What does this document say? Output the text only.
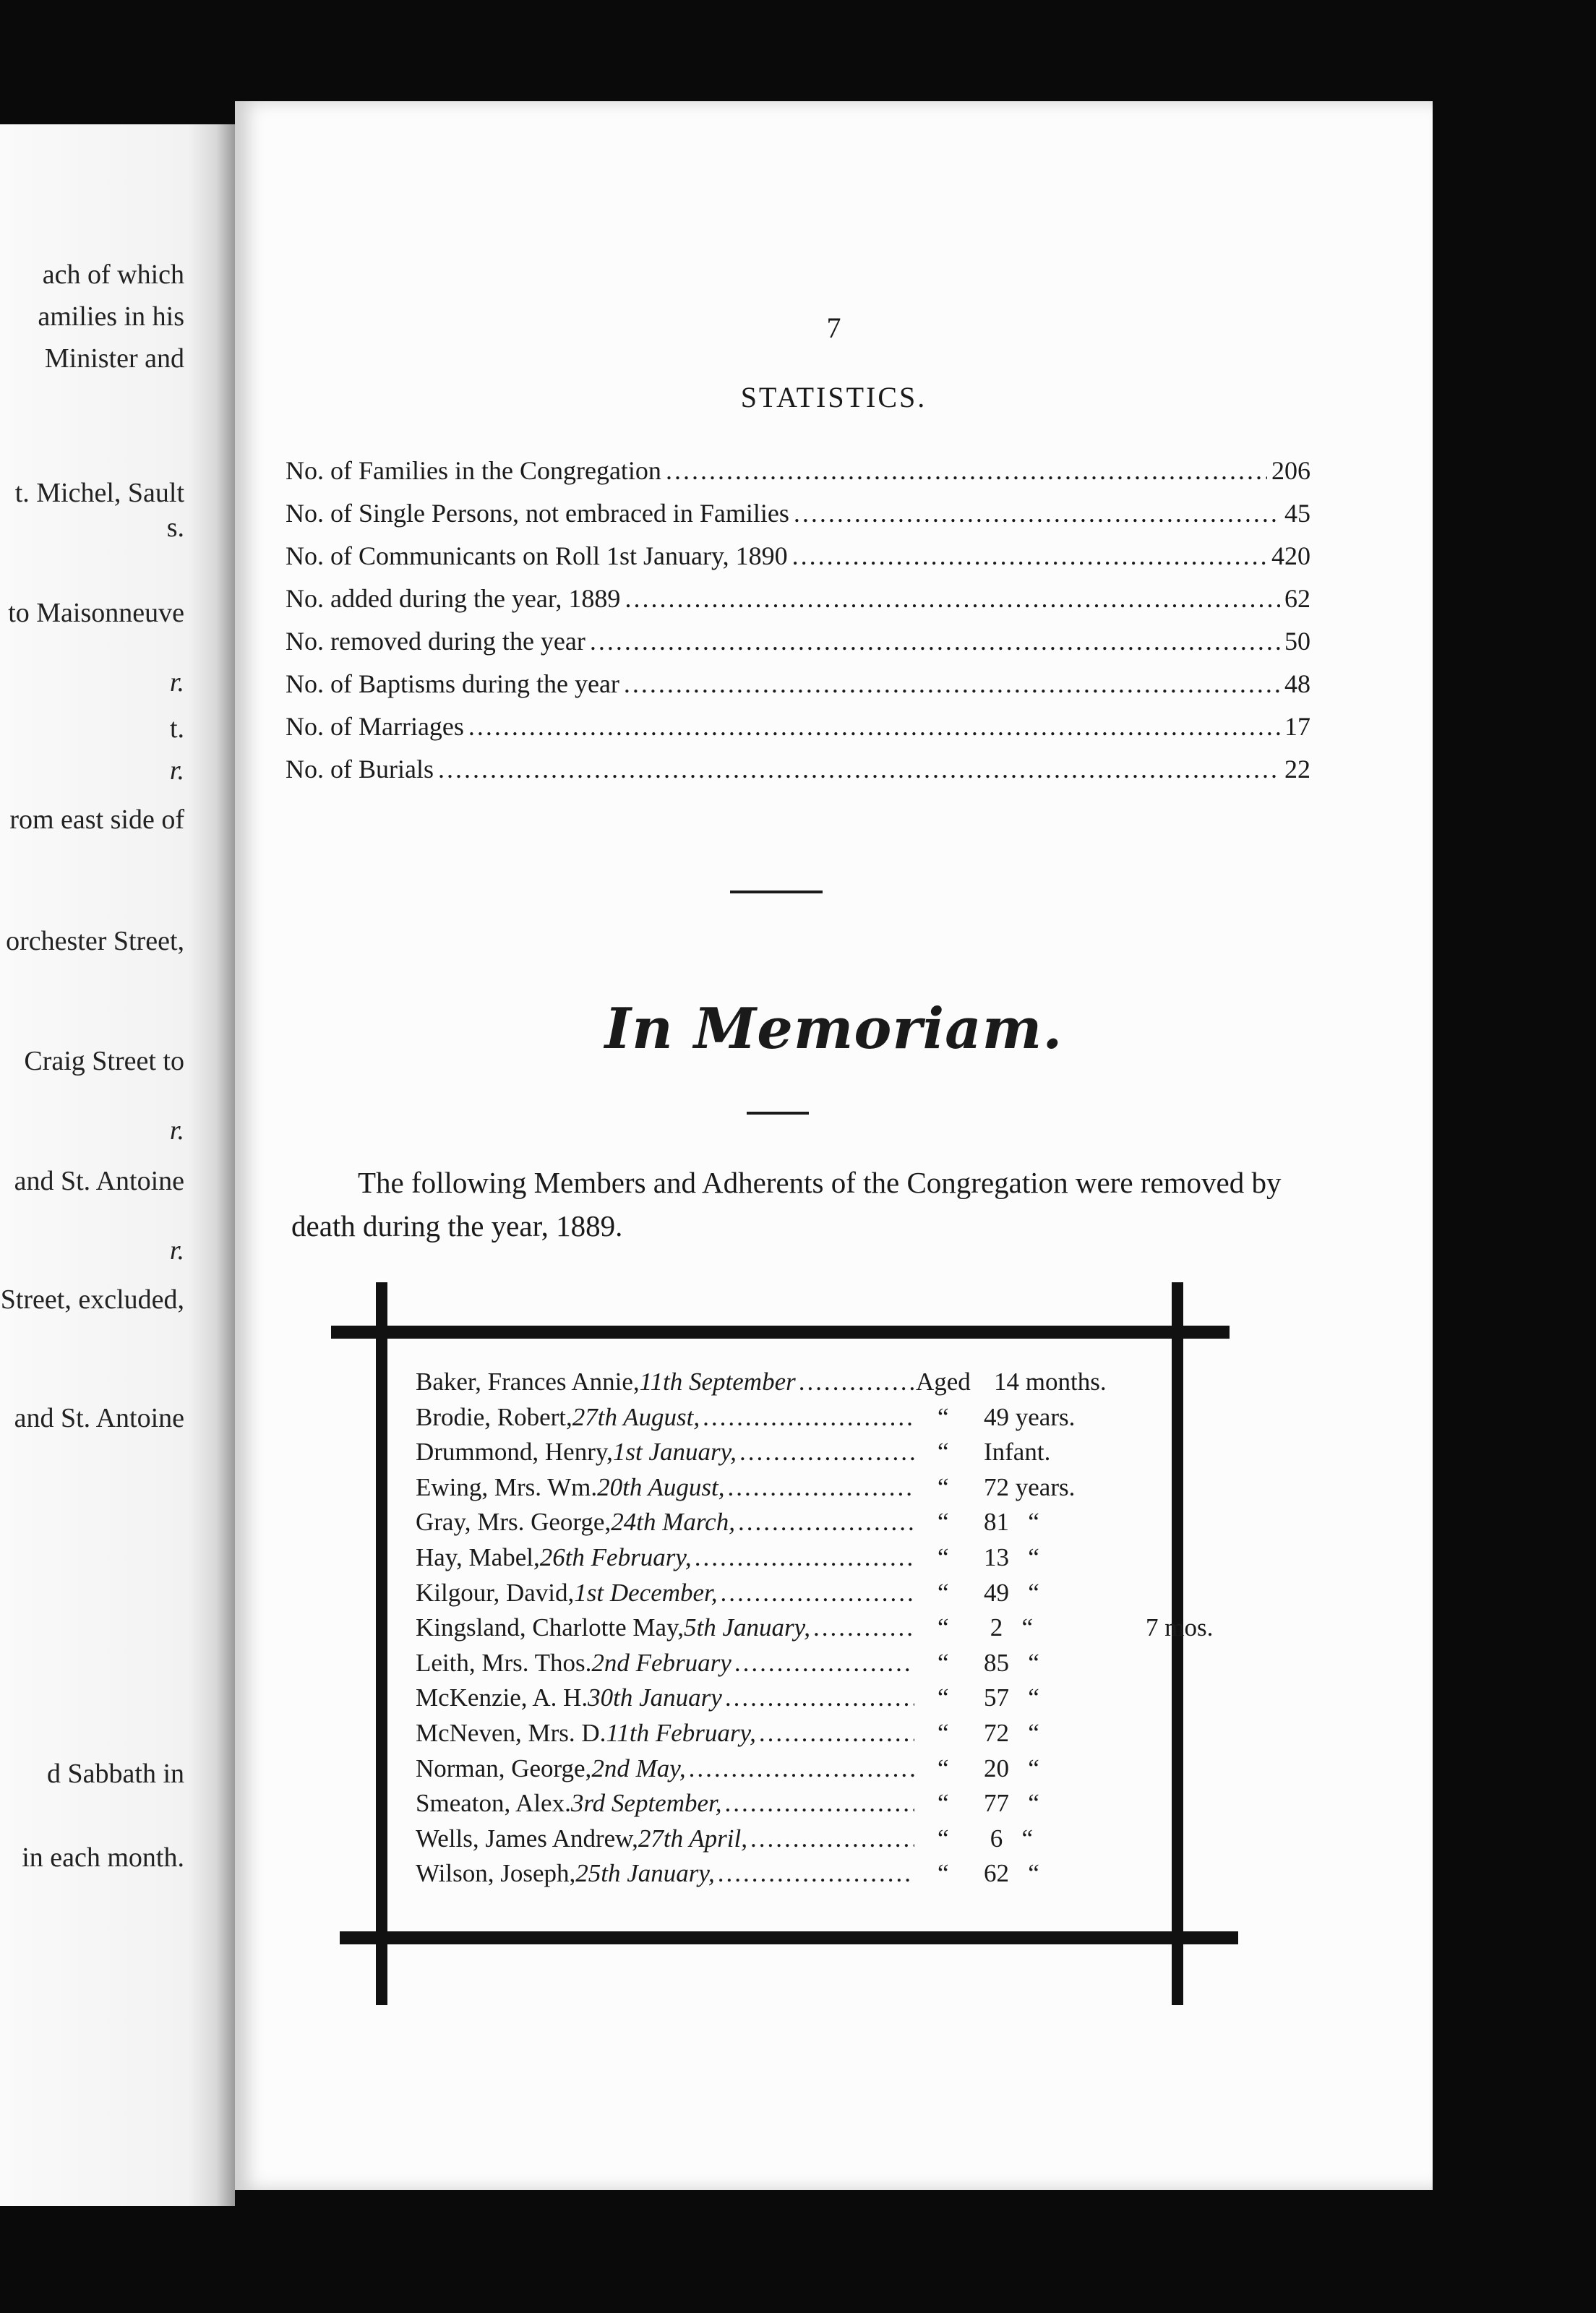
ach of which
amilies in his
Minister and
t. Michel, Sault
s.
to Maisonneuve
r.
t.
r.
rom east side of
orchester Street,
Craig Street to
r.
and St. Antoine
r.
Street, excluded,
and St. Antoine
d Sabbath in
in each month.
7
STATISTICS.
No. of Families in the Congregation .....	206
No. of Single Persons, not embraced in Families .....	45
No. of Communicants on Roll 1st January, 1890 .....	420
No. added during the year, 1889 .....	62
No. removed during the year .....	50
No. of Baptisms during the year .....	48
No. of Marriages .....	17
No. of Burials .....	22
In Memoriam.
The following Members and Adherents of the Congregation were removed by death during the year, 1889.
Baker, Frances Annie, 11th September .....	Aged 14 months.
Brodie, Robert, 27th August, .....	“ 49 years.
Drummond, Henry, 1st January, .....	“ Infant.
Ewing, Mrs. Wm. 20th August, .....	“ 72 years.
Gray, Mrs. George, 24th March, .....	“ 81   “
Hay, Mabel, 26th February, .....	“ 13   “
Kilgour, David, 1st December, .....	“ 49   “
Kingsland, Charlotte May, 5th January, .....	“ 2   “	7 mos.
Leith, Mrs. Thos. 2nd February .....	“ 85   “
McKenzie, A. H. 30th January .....	“ 57   “
McNeven, Mrs. D. 11th February, .....	“ 72   “
Norman, George, 2nd May, .....	“ 20   “
Smeaton, Alex. 3rd September, .....	“ 77   “
Wells, James Andrew, 27th April, .....	“ 6   “
Wilson, Joseph, 25th January, .....	“ 62   “
